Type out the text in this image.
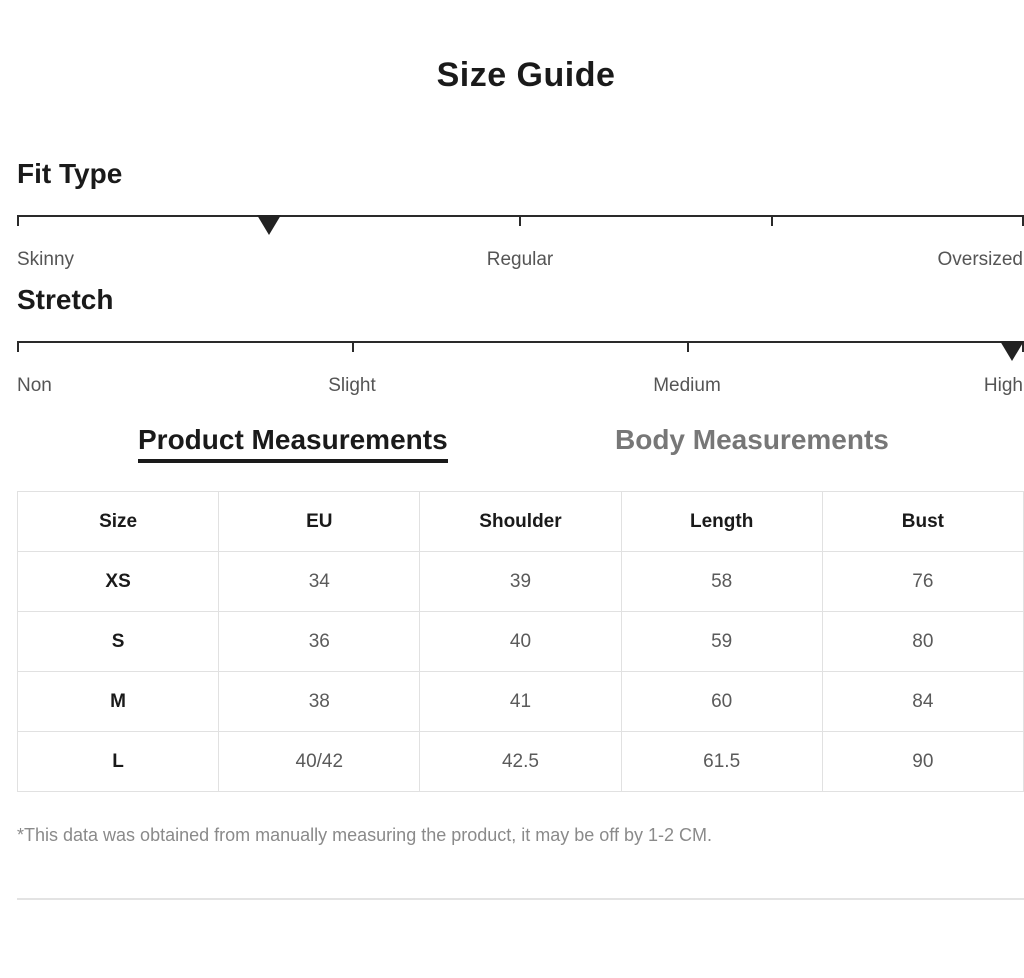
Size Guide
Fit Type
Skinny	Regular	Oversized
Stretch
Non	Slight	Medium	High
Product Measurements	Body Measurements
Size	EU	Shoulder	Length	Bust
XS	34	39	58	76
S	36	40	59	80
M	38	41	60	84
L	40/42	42.5	61.5	90
*This data was obtained from manually measuring the product, it may be off by 1-2 CM.
